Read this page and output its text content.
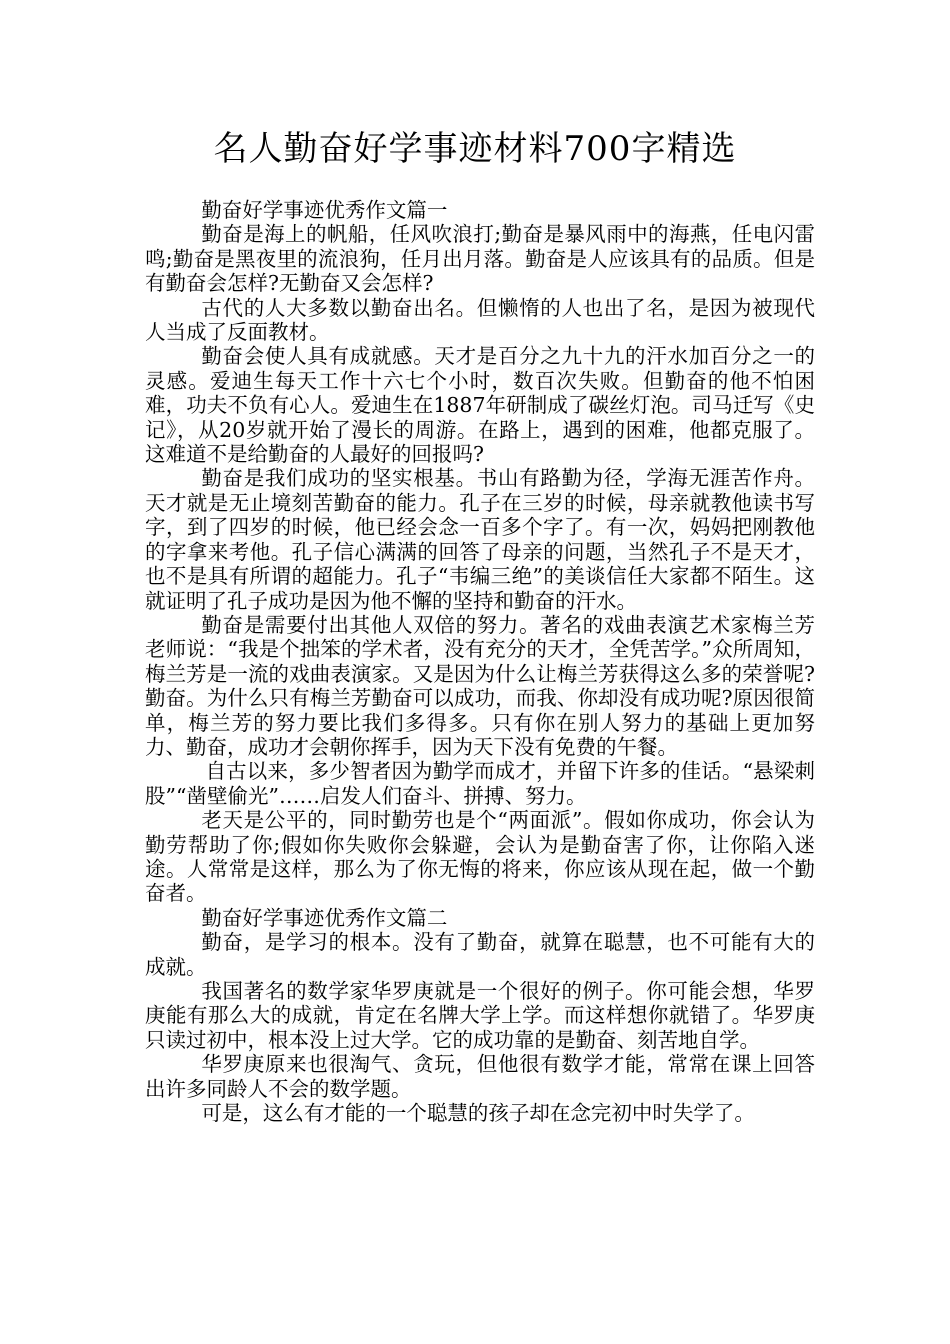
名人勤奋好学事迹材料700字精选

勤奋好学事迹优秀作文篇一

勤奋是海上的帆船，任风吹浪打;勤奋是暴风雨中的海燕，任电闪雷鸣;勤奋是黑夜里的流浪狗，任月出月落。勤奋是人应该具有的品质。但是有勤奋会怎样?无勤奋又会怎样?

古代的人大多数以勤奋出名。但懒惰的人也出了名，是因为被现代人当成了反面教材。

勤奋会使人具有成就感。天才是百分之九十九的汗水加百分之一的灵感。爱迪生每天工作十六七个小时，数百次失败。但勤奋的他不怕困难，功夫不负有心人。爱迪生在1887年研制成了碳丝灯泡。司马迁写《史记》，从20岁就开始了漫长的周游。在路上，遇到的困难，他都克服了。这难道不是给勤奋的人最好的回报吗?

勤奋是我们成功的坚实根基。书山有路勤为径，学海无涯苦作舟。天才就是无止境刻苦勤奋的能力。孔子在三岁的时候，母亲就教他读书写字，到了四岁的时候，他已经会念一百多个字了。有一次，妈妈把刚教他的字拿来考他。孔子信心满满的回答了母亲的问题，当然孔子不是天才，也不是具有所谓的超能力。孔子“韦编三绝”的美谈信任大家都不陌生。这就证明了孔子成功是因为他不懈的坚持和勤奋的汗水。

勤奋是需要付出其他人双倍的努力。著名的戏曲表演艺术家梅兰芳老师说：“我是个拙笨的学术者，没有充分的天才，全凭苦学。”众所周知，梅兰芳是一流的戏曲表演家。又是因为什么让梅兰芳获得这么多的荣誉呢?勤奋。为什么只有梅兰芳勤奋可以成功，而我、你却没有成功呢?原因很简单，梅兰芳的努力要比我们多得多。只有你在别人努力的基础上更加努力、勤奋，成功才会朝你挥手，因为天下没有免费的午餐。

自古以来，多少智者因为勤学而成才，并留下许多的佳话。“悬梁刺股”“凿壁偷光”……启发人们奋斗、拼搏、努力。

老天是公平的，同时勤劳也是个“两面派”。假如你成功，你会认为勤劳帮助了你;假如你失败你会躲避，会认为是勤奋害了你，让你陷入迷途。人常常是这样，那么为了你无悔的将来，你应该从现在起，做一个勤奋者。

勤奋好学事迹优秀作文篇二

勤奋，是学习的根本。没有了勤奋，就算在聪慧，也不可能有大的成就。

我国著名的数学家华罗庚就是一个很好的例子。你可能会想，华罗庚能有那么大的成就，肯定在名牌大学上学。而这样想你就错了。华罗庚只读过初中，根本没上过大学。它的成功靠的是勤奋、刻苦地自学。

华罗庚原来也很淘气、贪玩，但他很有数学才能，常常在课上回答出许多同龄人不会的数学题。

可是，这么有才能的一个聪慧的孩子却在念完初中时失学了。
